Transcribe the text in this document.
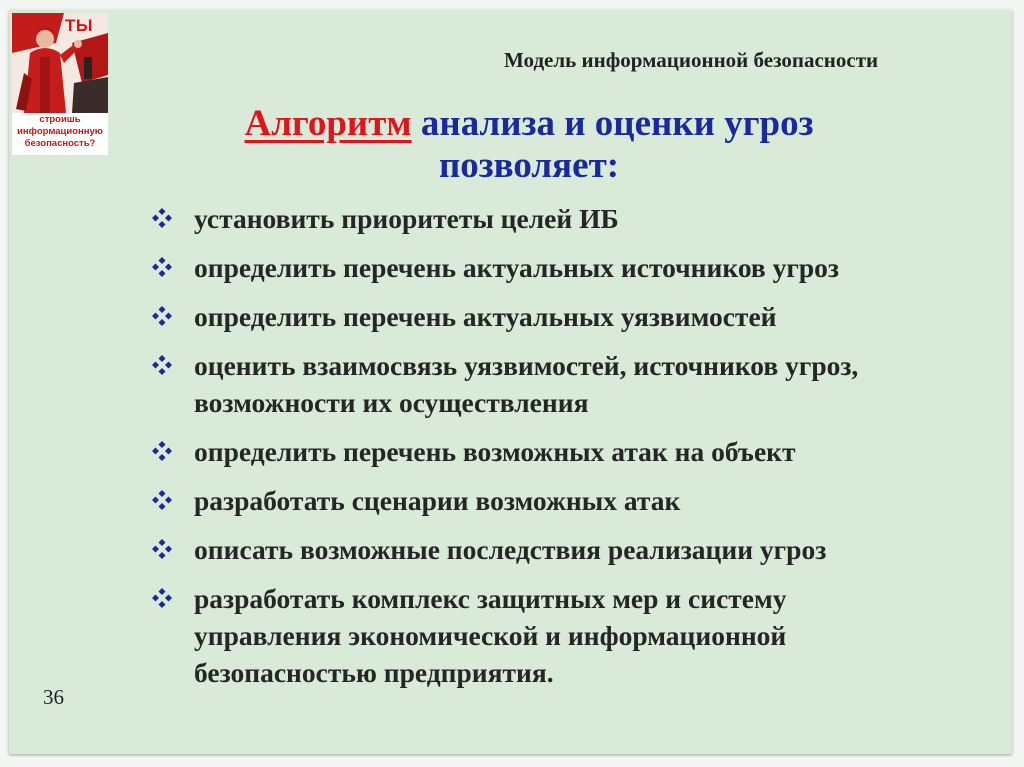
ТЫ
строишь
информационную
безопасность?
Модель информационной безопасности
Алгоритм анализа и оценки угроз
позволяет:
установить приоритеты целей ИБ
определить перечень актуальных источников угроз
определить перечень актуальных уязвимостей
оценить взаимосвязь уязвимостей, источников угроз,
возможности их осуществления
определить перечень возможных атак на объект
разработать сценарии возможных атак
описать возможные последствия реализации угроз
разработать комплекс защитных мер и систему
управления экономической и информационной
безопасностью предприятия.
36
